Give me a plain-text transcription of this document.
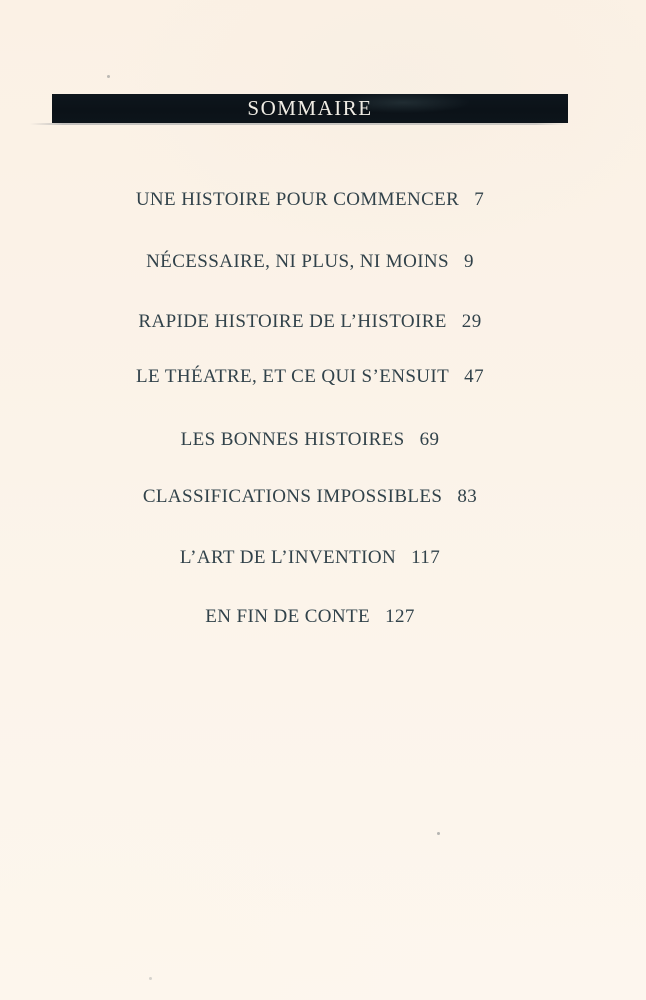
SOMMAIRE
UNE HISTOIRE POUR COMMENCER 7
NÉCESSAIRE, NI PLUS, NI MOINS 9
RAPIDE HISTOIRE DE L’HISTOIRE 29
LE THÉATRE, ET CE QUI S’ENSUIT 47
LES BONNES HISTOIRES 69
CLASSIFICATIONS IMPOSSIBLES 83
L’ART DE L’INVENTION 117
EN FIN DE CONTE 127
